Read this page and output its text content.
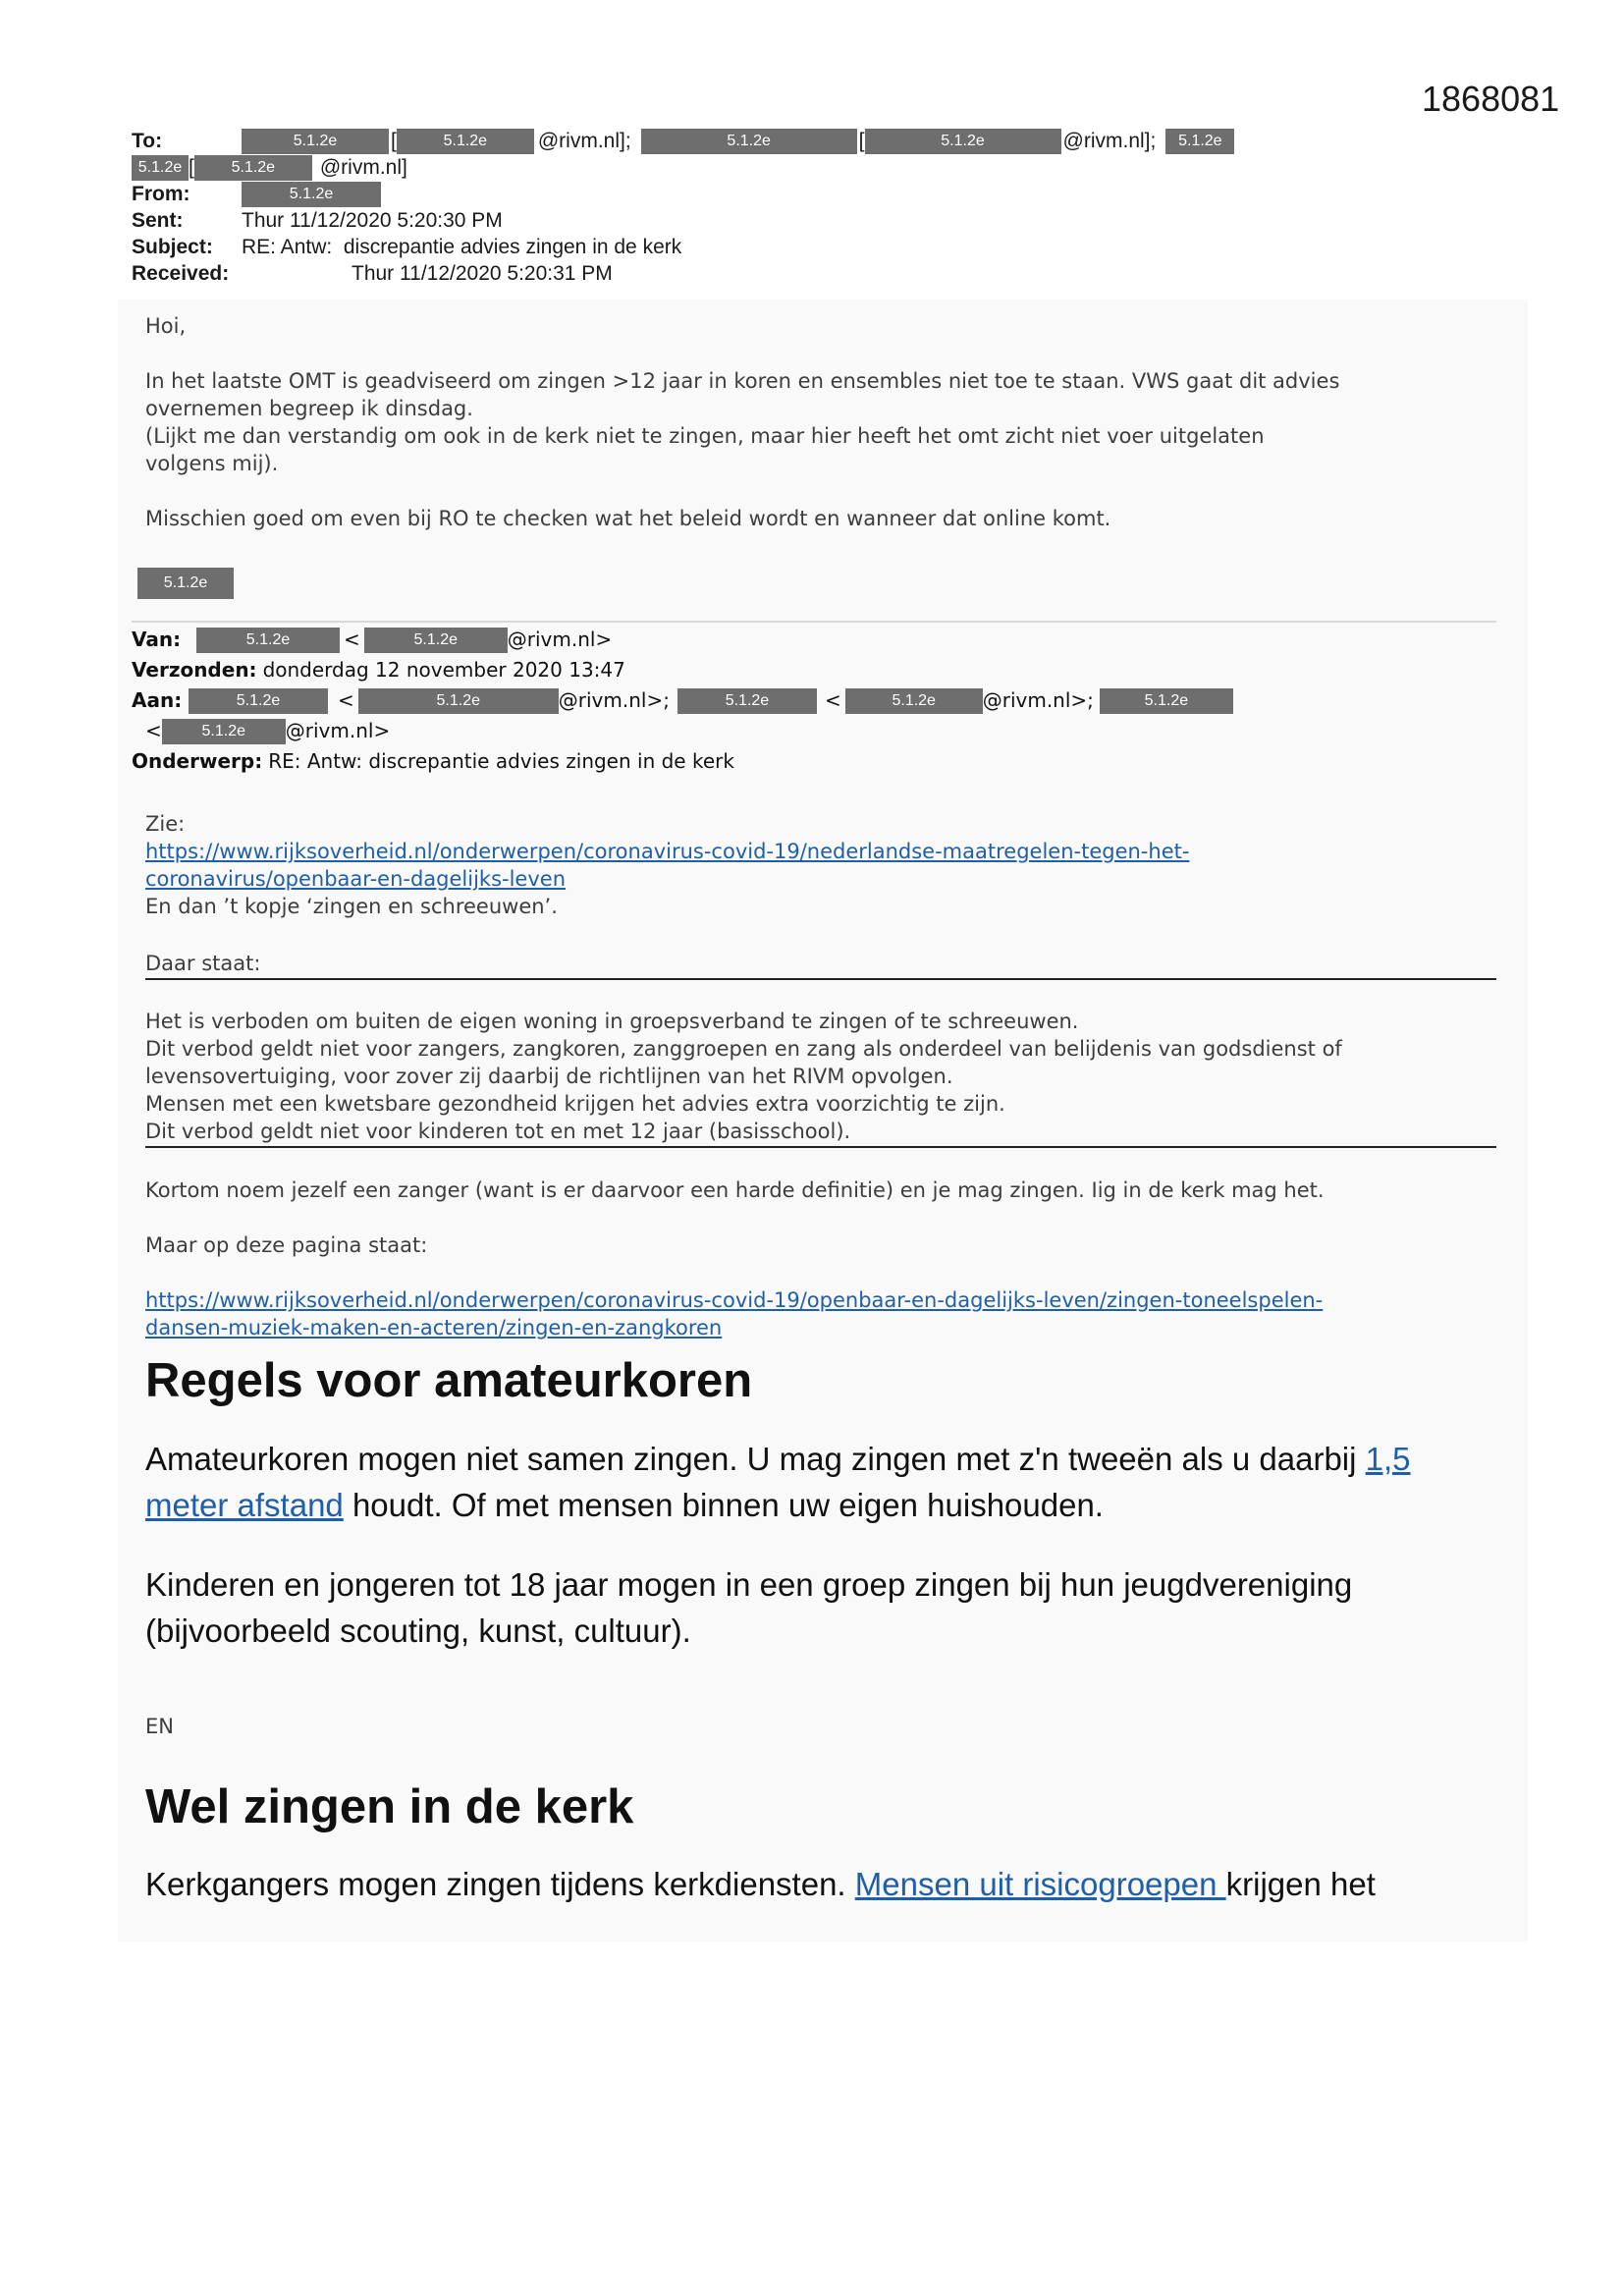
1868081
To:	5.1.2e	[	5.1.2e	@rivm.nl];	5.1.2e	[	5.1.2e	@rivm.nl];	5.1.2e
5.1.2e [	5.1.2e	@rivm.nl]
From:	5.1.2e
Sent:	Thur 11/12/2020 5:20:30 PM
Subject:	RE: Antw:  discrepantie advies zingen in de kerk
Received:	Thur 11/12/2020 5:20:31 PM

Hoi,

In het laatste OMT is geadviseerd om zingen >12 jaar in koren en ensembles niet toe te staan. VWS gaat dit advies

overnemen begreep ik dinsdag.

(Lijkt me dan verstandig om ook in de kerk niet te zingen, maar hier heeft het omt zicht niet voer uitgelaten

volgens mij).

Misschien goed om even bij RO te checken wat het beleid wordt en wanneer dat online komt.

5.1.2e
Van:	5.1.2e	<	5.1.2e	@rivm.nl>
Verzonden: donderdag 12 november 2020 13:47
Aan:	5.1.2e	<	5.1.2e	@rivm.nl>;	5.1.2e	<	5.1.2e	@rivm.nl>;	5.1.2e
<	5.1.2e	@rivm.nl>
Onderwerp: RE: Antw: discrepantie advies zingen in de kerk

Zie:

https://www.rijksoverheid.nl/onderwerpen/coronavirus-covid-19/nederlandse-maatregelen-tegen-het-

coronavirus/openbaar-en-dagelijks-leven

En dan ’t kopje ‘zingen en schreeuwen’.

Daar staat:

Het is verboden om buiten de eigen woning in groepsverband te zingen of te schreeuwen.

Dit verbod geldt niet voor zangers, zangkoren, zanggroepen en zang als onderdeel van belijdenis van godsdienst of

levensovertuiging, voor zover zij daarbij de richtlijnen van het RIVM opvolgen.

Mensen met een kwetsbare gezondheid krijgen het advies extra voorzichtig te zijn.

Dit verbod geldt niet voor kinderen tot en met 12 jaar (basisschool).

Kortom noem jezelf een zanger (want is er daarvoor een harde definitie) en je mag zingen. Iig in de kerk mag het.

Maar op deze pagina staat:

https://www.rijksoverheid.nl/onderwerpen/coronavirus-covid-19/openbaar-en-dagelijks-leven/zingen-toneelspelen-

dansen-muziek-maken-en-acteren/zingen-en-zangkoren

Regels voor amateurkoren

Amateurkoren mogen niet samen zingen. U mag zingen met z'n tweeën als u daarbij 1,5
meter afstand houdt. Of met mensen binnen uw eigen huishouden.

Kinderen en jongeren tot 18 jaar mogen in een groep zingen bij hun jeugdvereniging
(bijvoorbeeld scouting, kunst, cultuur).

EN
Wel zingen in de kerk

Kerkgangers mogen zingen tijdens kerkdiensten. Mensen uit risicogroepen krijgen het
